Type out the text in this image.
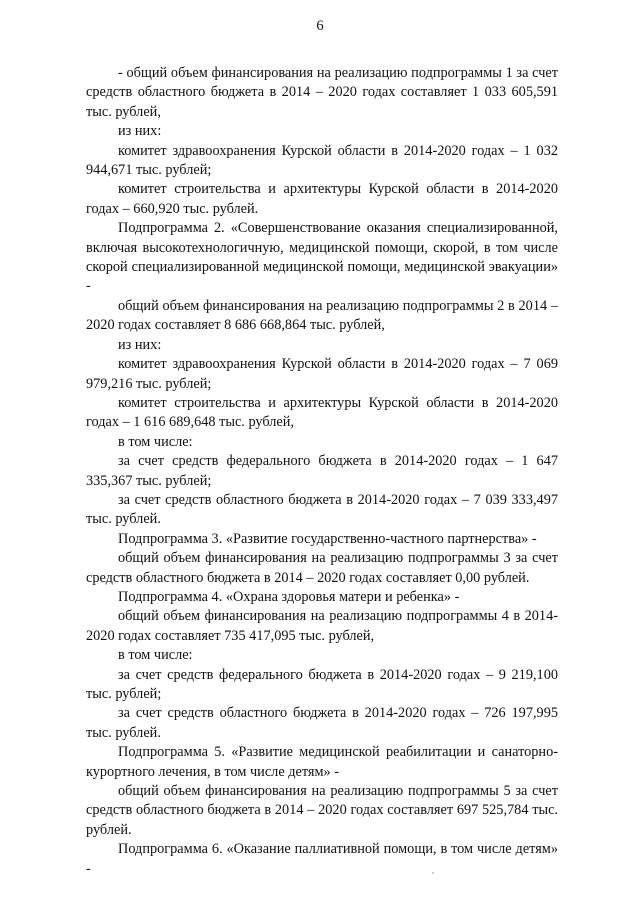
6

- общий объем финансирования на реализацию подпрограммы 1 за счет средств областного бюджета в 2014 – 2020 годах составляет 1 033 605,591 тыс. рублей,

из них:

комитет здравоохранения Курской области в 2014-2020 годах – 1 032 944,671 тыс. рублей;

комитет строительства и архитектуры Курской области в 2014-2020 годах – 660,920 тыс. рублей.

Подпрограмма 2. «Совершенствование оказания специализированной, включая высокотехнологичную, медицинской помощи, скорой, в том числе скорой специализированной медицинской помощи, медицинской эвакуации» -

общий объем финансирования на реализацию подпрограммы 2 в 2014 – 2020 годах составляет 8 686 668,864 тыс. рублей,

из них:

комитет здравоохранения Курской области в 2014-2020 годах – 7 069 979,216 тыс. рублей;

комитет строительства и архитектуры Курской области в 2014-2020 годах – 1 616 689,648 тыс. рублей,

в том числе:

за счет средств федерального бюджета в 2014-2020 годах – 1 647 335,367 тыс. рублей;

за счет средств областного бюджета в 2014-2020 годах – 7 039 333,497 тыс. рублей.

Подпрограмма 3. «Развитие государственно-частного партнерства» -

общий объем финансирования на реализацию подпрограммы 3 за счет средств областного бюджета в 2014 – 2020 годах составляет 0,00 рублей.

Подпрограмма 4. «Охрана здоровья матери и ребенка» -

общий объем финансирования на реализацию подпрограммы 4 в 2014-2020 годах составляет 735 417,095 тыс. рублей,

в том числе:

за счет средств федерального бюджета в 2014-2020 годах – 9 219,100 тыс. рублей;

за счет средств областного бюджета в 2014-2020 годах – 726 197,995 тыс. рублей.

Подпрограмма 5. «Развитие медицинской реабилитации и санаторно-курортного лечения, в том числе детям» -

общий объем финансирования на реализацию подпрограммы 5 за счет средств областного бюджета в 2014 – 2020 годах составляет 697 525,784 тыс. рублей.

Подпрограмма 6. «Оказание паллиативной помощи, в том числе детям» -
